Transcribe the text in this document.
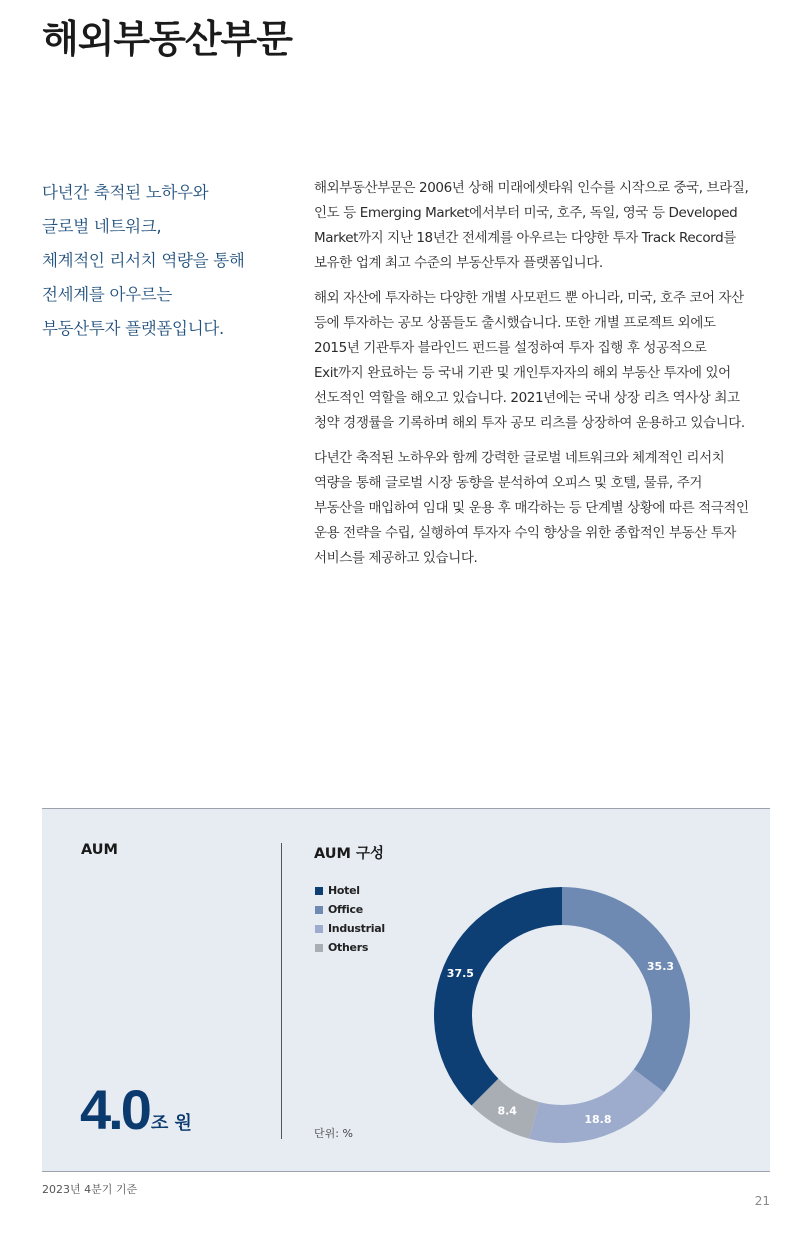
해외부동산부문
다년간 축적된 노하우와
글로벌 네트워크,
체계적인 리서치 역량을 통해
전세계를 아우르는
부동산투자 플랫폼입니다.
해외부동산부문은 2006년 상해 미래에셋타워 인수를 시작으로 중국, 브라질,
인도 등 Emerging Market에서부터 미국, 호주, 독일, 영국 등 Developed
Market까지 지난 18년간 전세계를 아우르는 다양한 투자 Track Record를
보유한 업계 최고 수준의 부동산투자 플랫폼입니다.
해외 자산에 투자하는 다양한 개별 사모펀드 뿐 아니라, 미국, 호주 코어 자산
등에 투자하는 공모 상품들도 출시했습니다. 또한 개별 프로젝트 외에도
2015년 기관투자 블라인드 펀드를 설정하여 투자 집행 후 성공적으로
Exit까지 완료하는 등 국내 기관 및 개인투자자의 해외 부동산 투자에 있어
선도적인 역할을 해오고 있습니다. 2021년에는 국내 상장 리츠 역사상 최고
청약 경쟁률을 기록하며 해외 투자 공모 리츠를 상장하여 운용하고 있습니다.
다년간 축적된 노하우와 함께 강력한 글로벌 네트워크와 체계적인 리서치
역량을 통해 글로벌 시장 동향을 분석하여 오피스 및 호텔, 물류, 주거
부동산을 매입하여 임대 및 운용 후 매각하는 등 단계별 상황에 따른 적극적인
운용 전략을 수립, 실행하여 투자자 수익 향상을 위한 종합적인 부동산 투자
서비스를 제공하고 있습니다.
AUM
4.0 조 원
AUM 구성
Hotel
Office
Industrial
Others
35.3
18.8
8.4
37.5
단위: %
2023년 4분기 기준
21
